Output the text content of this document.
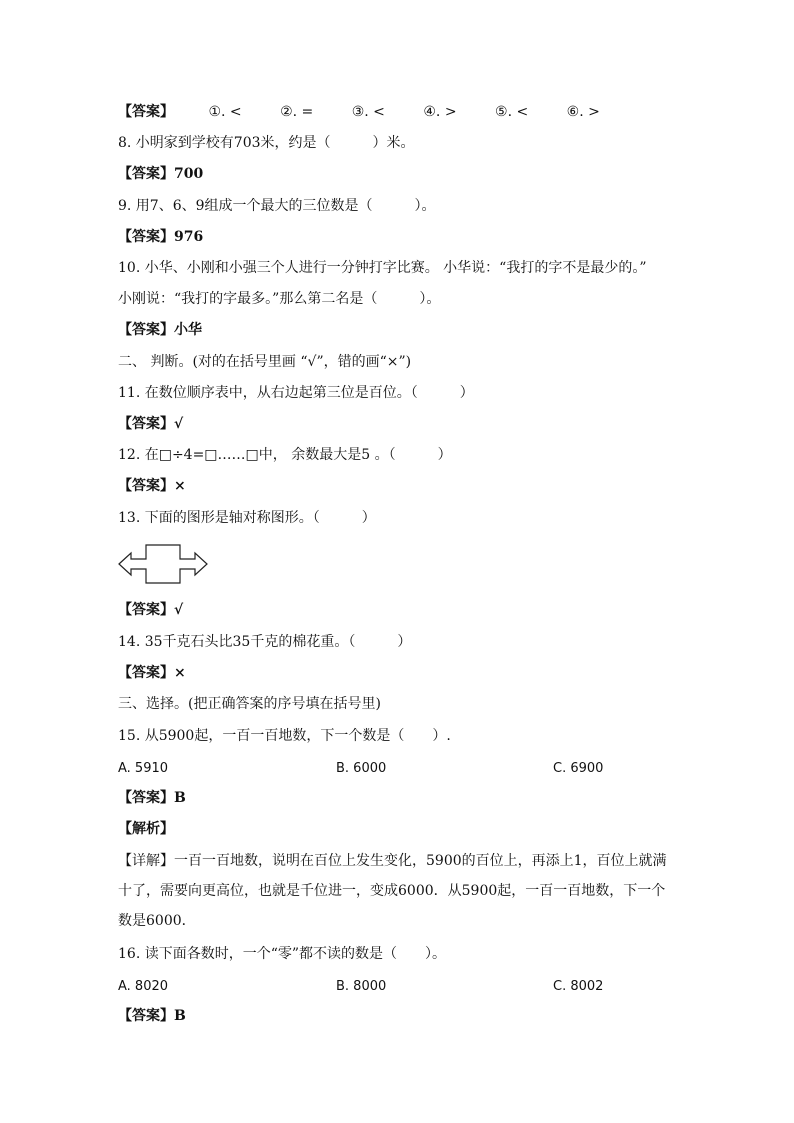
【答案】 ①. <	②. =	③. <	④. >	⑤. <	⑥. >
8. 小明家到学校有703米，约是（　　　）米。
【答案】700
9. 用7、6、9组成一个最大的三位数是（　　　）。
【答案】976
10. 小华、小刚和小强三个人进行一分钟打字比赛。 小华说：“我打的字不是最少的。”
小刚说：“我打的字最多。”那么第二名是（　　　）。
【答案】小华
二、 判断。(对的在括号里画 “√”，错的画“×”)
11. 在数位顺序表中，从右边起第三位是百位。（　　　）
【答案】√
12. 在□÷4=□……□中， 余数最大是5 。（　　　）
【答案】×
13. 下面的图形是轴对称图形。（　　　）
【答案】√
14. 35千克石头比35千克的棉花重。（　　　）
【答案】×
三、选择。(把正确答案的序号填在括号里)
15. 从5900起，一百一百地数，下一个数是（　　）.
A. 5910	B. 6000	C. 6900
【答案】B
【解析】
【详解】一百一百地数，说明在百位上发生变化，5900的百位上，再添上1，百位上就满十了，需要向更高位，也就是千位进一，变成6000．从5900起，一百一百地数，下一个数是6000．
16. 读下面各数时，一个“零”都不读的数是（　　）。
A. 8020	B. 8000	C. 8002
【答案】B
